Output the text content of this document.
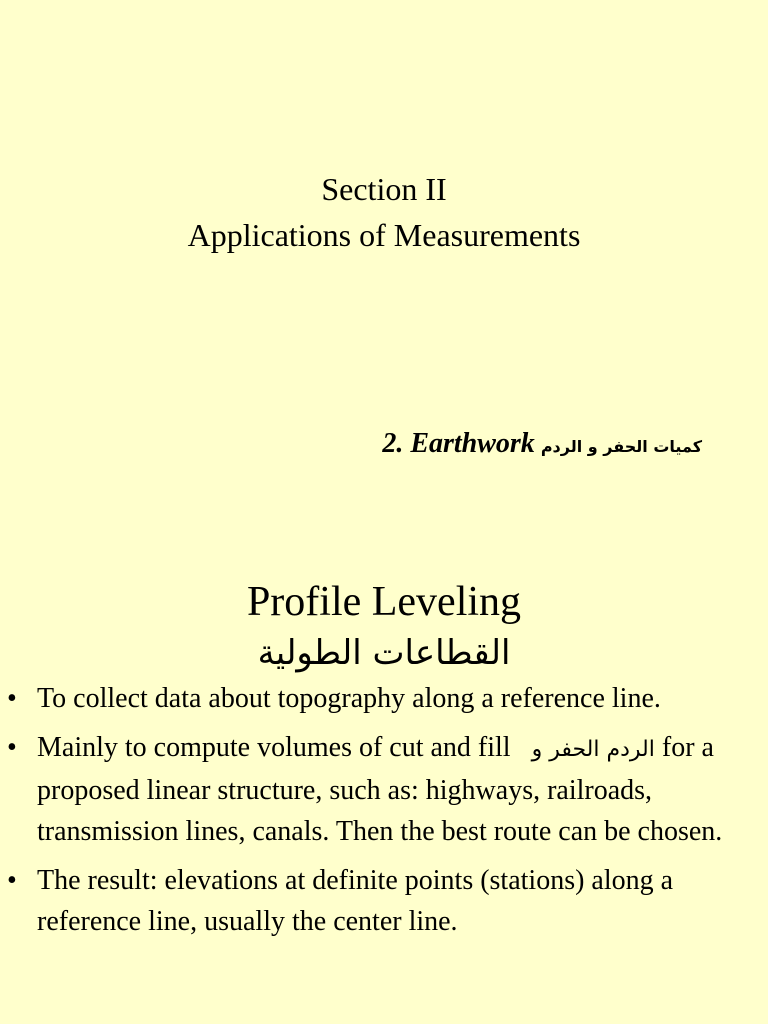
Section II
Applications of Measurements
2. Earthwork كميات الحفر و الردم
Profile Leveling
القطاعات الطولية
• To collect data about topography along a reference line.
• Mainly to compute volumes of cut and fill الحفر و الردم for a proposed linear structure, such as: highways, railroads, transmission lines, canals. Then the best route can be chosen.
• The result: elevations at definite points (stations) along a reference line, usually the center line.
